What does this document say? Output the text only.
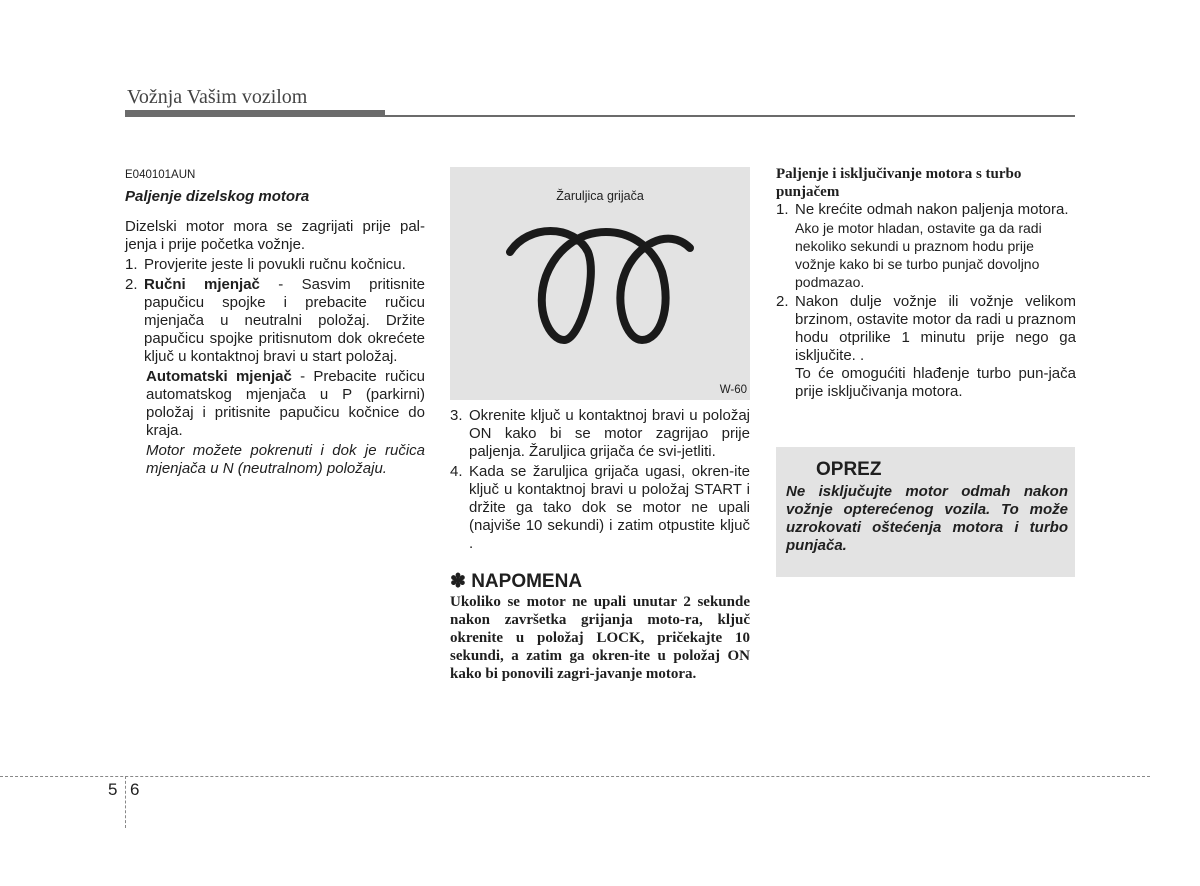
Vožnja Vašim vozilom
E040101AUN
Paljenje dizelskog motora

Dizelski motor mora se zagrijati prije pal-jenja i prije početka vožnje.

1. Provjerite jeste li povukli ručnu kočnicu.
2. Ručni mjenjač - Sasvim pritisnite papučicu spojke i prebacite ručicu mjenjača u neutralni položaj. Držite papučicu spojke pritisnutom dok okrećete ključ u kontaktnoj bravi u start položaj.

Automatski mjenjač - Prebacite ručicu automatskog mjenjača u P (parkirni) položaj i pritisnite papučicu kočnice do kraja.

Motor možete pokrenuti i dok je ručica mjenjača u N (neutralnom) položaju.

Žaruljica grijača
W-60
3. Okrenite ključ u kontaktnoj bravi u položaj ON kako bi se motor zagrijao prije paljenja. Žaruljica grijača će svi-jetliti.
4. Kada se žaruljica grijača ugasi, okren-ite ključ u kontaktnoj bravi u položaj START i držite ga tako dok se motor ne upali (najviše 10 sekundi) i zatim otpustite ključ .
✽ NAPOMENA

Ukoliko se motor ne upali unutar 2 sekunde nakon završetka grijanja moto-ra, ključ okrenite u položaj LOCK, pričekajte 10 sekundi, a zatim ga okren-ite u položaj ON kako bi ponovili zagri-javanje motora.

Paljenje i isključivanje motora s turbo punjačem

1. Ne krećite odmah nakon paljenja motora.

Ako je motor hladan, ostavite ga da radi nekoliko sekundi u praznom hodu prije vožnje kako bi se turbo punjač dovoljno podmazao.

2. Nakon dulje vožnje ili vožnje velikom brzinom, ostavite motor da radi u praznom hodu otprilike 1 minutu prije nego ga isključite. .

To će omogućiti hlađenje turbo pun-jača prije isključivanja motora.

OPREZ
Ne isključujte motor odmah nakon vožnje opterećenog vozila. To može uzrokovati oštećenja motora i turbo punjača.
5 6
